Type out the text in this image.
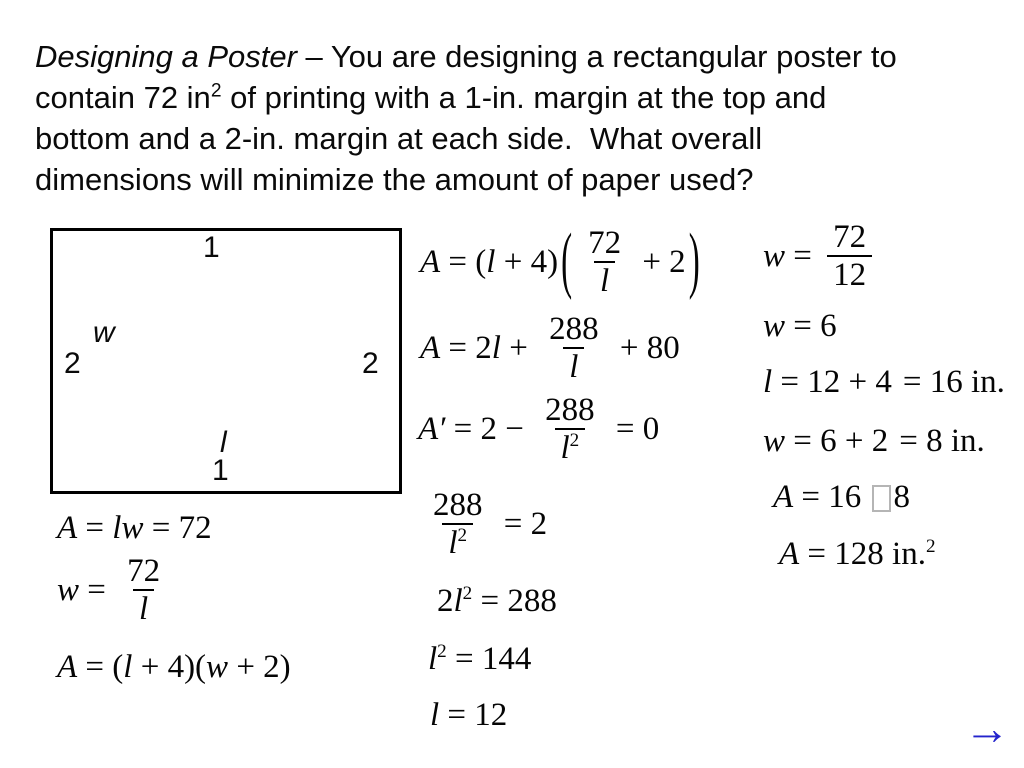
Designing a Poster – You are designing a rectangular poster to
contain 72 $in^2$ of printing with a 1-in. margin at the top and
bottom and a 2-in. margin at each side.  What overall
dimensions will minimize the amount of paper used?
1
w
2	2
l
1
A = (l + 4) ( $\frac{72}{l} + 2$ )
$A = 2l + \frac{288}{l} + 80$
$A' = 2 - \frac{288}{l^2} = 0$
$\frac{288}{l^2} = 2$
$2l^2 = 288$
$l^2 = 144$
l = 12
$w = \frac{72}{12}$
w = 6
l = 12 + 4 = 16 in.
w = 6 + 2 = 8 in.
A = 16 8
A = 128 in.$^2$
A = lw = 72
$w = \frac{72}{l}$
A = (l + 4)(w + 2)
→
